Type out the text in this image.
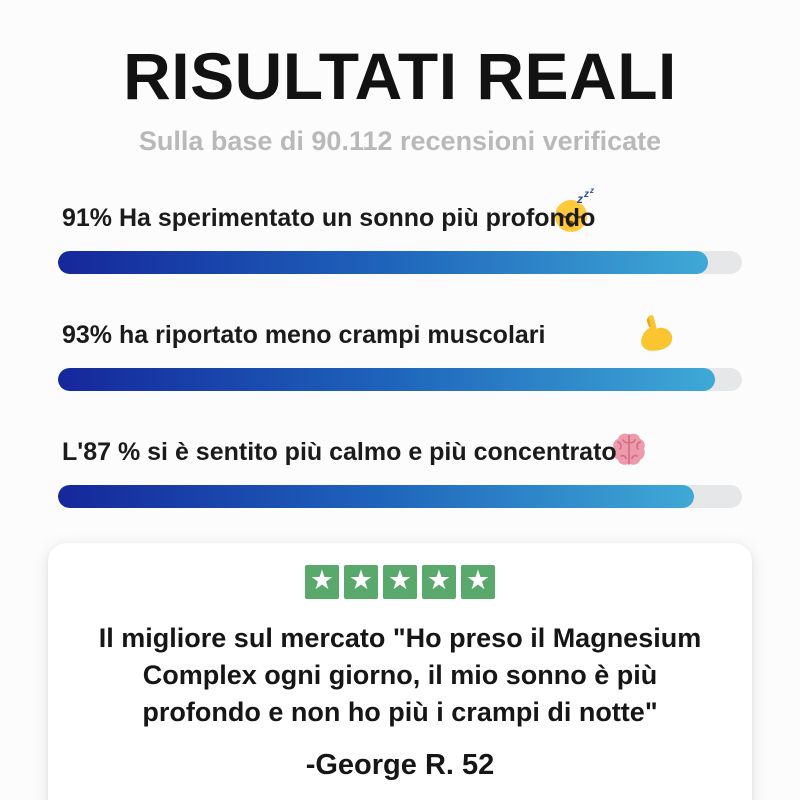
RISULTATI REALI
Sulla base di 90.112 recensioni verificate
z z z
91% Ha sperimentato un sonno più profondo
93% ha riportato meno crampi muscolari
L'87 % si è sentito più calmo e più concentrato
★ ★ ★ ★ ★
Il migliore sul mercato "Ho preso il Magnesium
Complex ogni giorno, il mio sonno è più
profondo e non ho più i crampi di notte"
-George R. 52
